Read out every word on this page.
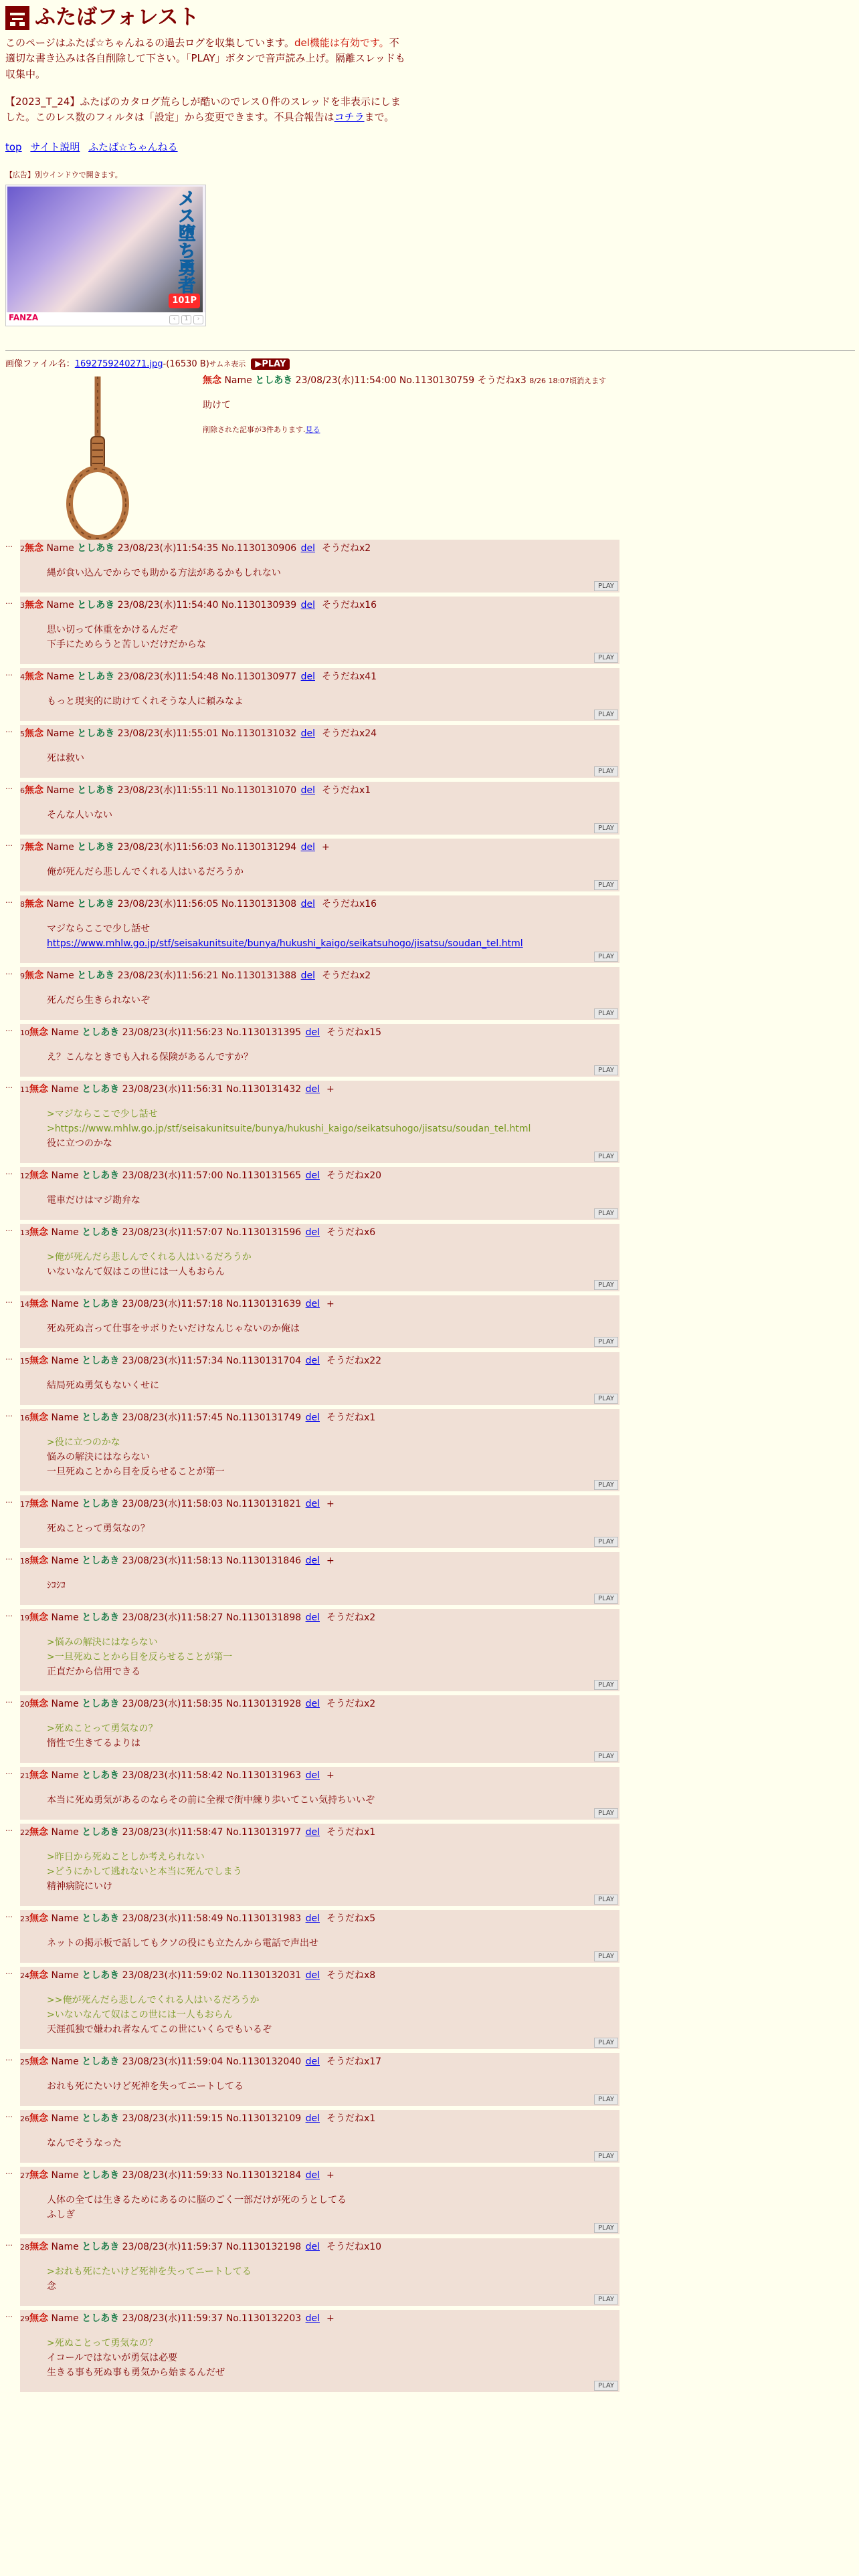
ふたばフォレスト

このページはふたば☆ちゃんねるの過去ログを収集しています。del機能は有効です。不適切な書き込みは各自削除して下さい。「PLAY」ボタンで音声読み上げ。隔離スレッドも収集中。

【2023_T_24】ふたばのカタログ荒らしが酷いのでレス０件のスレッドを非表示にしました。このレス数のフィルタは「設定」から変更できます。不具合報告はコチラまで。

top サイト説明 ふたば☆ちゃんねる
【広告】別ウインドウで開きます。
メス堕ち勇者
101P
FANZA	‹	1	›
画像ファイル名：1692759240271.jpg-(16530 B)サムネ表示 ▶PLAY
無念 Name としあき 23/08/23(水)11:54:00 No.1130130759 そうだねx3 8/26 18:07頃消えます
助けて
削除された記事が3件あります.見る
…	2無念 Name としあき 23/08/23(水)11:54:35 No.1130130906 del そうだねx2
縄が食い込んでからでも助かる方法があるかもしれない
PLAY
…	3無念 Name としあき 23/08/23(水)11:54:40 No.1130130939 del そうだねx16
思い切って体重をかけるんだぞ
下手にためらうと苦しいだけだからな
PLAY
…	4無念 Name としあき 23/08/23(水)11:54:48 No.1130130977 del そうだねx41
もっと現実的に助けてくれそうな人に頼みなよ
PLAY
…	5無念 Name としあき 23/08/23(水)11:55:01 No.1130131032 del そうだねx24
死は救い
PLAY
…	6無念 Name としあき 23/08/23(水)11:55:11 No.1130131070 del そうだねx1
そんな人いない
PLAY
…	7無念 Name としあき 23/08/23(水)11:56:03 No.1130131294 del +
俺が死んだら悲しんでくれる人はいるだろうか
PLAY
…	8無念 Name としあき 23/08/23(水)11:56:05 No.1130131308 del そうだねx16
マジならここで少し話せ
https://www.mhlw.go.jp/stf/seisakunitsuite/bunya/hukushi_kaigo/seikatsuhogo/jisatsu/soudan_tel.html
PLAY
…	9無念 Name としあき 23/08/23(水)11:56:21 No.1130131388 del そうだねx2
死んだら生きられないぞ
PLAY
…	10無念 Name としあき 23/08/23(水)11:56:23 No.1130131395 del そうだねx15
え？こんなときでも入れる保険があるんですか？
PLAY
…	11無念 Name としあき 23/08/23(水)11:56:31 No.1130131432 del +
>マジならここで少し話せ
>https://www.mhlw.go.jp/stf/seisakunitsuite/bunya/hukushi_kaigo/seikatsuhogo/jisatsu/soudan_tel.html
役に立つのかな
PLAY
…	12無念 Name としあき 23/08/23(水)11:57:00 No.1130131565 del そうだねx20
電車だけはマジ勘弁な
PLAY
…	13無念 Name としあき 23/08/23(水)11:57:07 No.1130131596 del そうだねx6
>俺が死んだら悲しんでくれる人はいるだろうか
いないなんて奴はこの世には一人もおらん
PLAY
…	14無念 Name としあき 23/08/23(水)11:57:18 No.1130131639 del +
死ぬ死ぬ言って仕事をサボりたいだけなんじゃないのか俺は
PLAY
…	15無念 Name としあき 23/08/23(水)11:57:34 No.1130131704 del そうだねx22
結局死ぬ勇気もないくせに
PLAY
…	16無念 Name としあき 23/08/23(水)11:57:45 No.1130131749 del そうだねx1
>役に立つのかな
悩みの解決にはならない
一旦死ぬことから目を反らせることが第一
PLAY
…	17無念 Name としあき 23/08/23(水)11:58:03 No.1130131821 del +
死ぬことって勇気なの？
PLAY
…	18無念 Name としあき 23/08/23(水)11:58:13 No.1130131846 del +
ｼｺｼｺ
PLAY
…	19無念 Name としあき 23/08/23(水)11:58:27 No.1130131898 del そうだねx2
>悩みの解決にはならない
>一旦死ぬことから目を反らせることが第一
正直だから信用できる
PLAY
…	20無念 Name としあき 23/08/23(水)11:58:35 No.1130131928 del そうだねx2
>死ぬことって勇気なの？
惰性で生きてるよりは
PLAY
…	21無念 Name としあき 23/08/23(水)11:58:42 No.1130131963 del +
本当に死ぬ勇気があるのならその前に全裸で街中練り歩いてこい気持ちいいぞ
PLAY
…	22無念 Name としあき 23/08/23(水)11:58:47 No.1130131977 del そうだねx1
>昨日から死ぬことしか考えられない
>どうにかして逃れないと本当に死んでしまう
精神病院にいけ
PLAY
…	23無念 Name としあき 23/08/23(水)11:58:49 No.1130131983 del そうだねx5
ネットの掲示板で話してもクソの役にも立たんから電話で声出せ
PLAY
…	24無念 Name としあき 23/08/23(水)11:59:02 No.1130132031 del そうだねx8
>>俺が死んだら悲しんでくれる人はいるだろうか
>いないなんて奴はこの世には一人もおらん
天涯孤独で嫌われ者なんてこの世にいくらでもいるぞ
PLAY
…	25無念 Name としあき 23/08/23(水)11:59:04 No.1130132040 del そうだねx17
おれも死にたいけど死神を失ってニートしてる
PLAY
…	26無念 Name としあき 23/08/23(水)11:59:15 No.1130132109 del そうだねx1
なんでそうなった
PLAY
…	27無念 Name としあき 23/08/23(水)11:59:33 No.1130132184 del +
人体の全ては生きるためにあるのに脳のごく一部だけが死のうとしてる
ふしぎ
PLAY
…	28無念 Name としあき 23/08/23(水)11:59:37 No.1130132198 del そうだねx10
>おれも死にたいけど死神を失ってニートしてる
念
PLAY
…	29無念 Name としあき 23/08/23(水)11:59:37 No.1130132203 del +
>死ぬことって勇気なの？
イコールではないが勇気は必要
生きる事も死ぬ事も勇気から始まるんだぜ
PLAY
